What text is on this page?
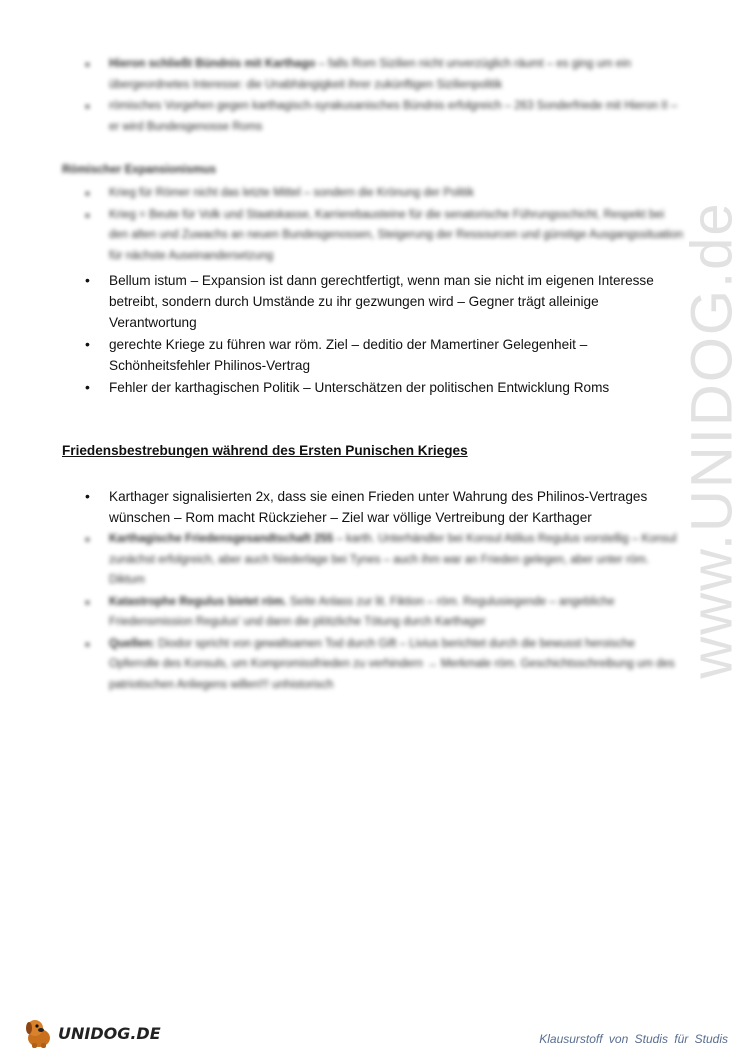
www.UNIDOG.de
• Hieron schließt Bündnis mit Karthago – falls Rom Sizilien nicht unverzüglich räumt – es ging um ein übergeordnetes Interesse: die Unabhängigkeit ihrer zukünftigen Sizilienpolitik
• römisches Vorgehen gegen karthagisch-syrakusanisches Bündnis erfolgreich – 263 Sonderfriede mit Hieron II – er wird Bundesgenosse Roms
Römischer Expansionismus
• Krieg für Römer nicht das letzte Mittel – sondern die Krönung der Politik
• Krieg = Beute für Volk und Staatskasse, Karrierebausteine für die senatorische Führungsschicht, Respekt bei den alten und Zuwachs an neuen Bundesgenossen, Steigerung der Ressourcen und günstige Ausgangssituation für nächste Auseinandersetzung
• Bellum istum – Expansion ist dann gerechtfertigt, wenn man sie nicht im eigenen Interesse betreibt, sondern durch Umstände zu ihr gezwungen wird – Gegner trägt alleinige Verantwortung
• gerechte Kriege zu führen war röm. Ziel – deditio der Mamertiner Gelegenheit – Schönheitsfehler Philinos-Vertrag
• Fehler der karthagischen Politik – Unterschätzen der politischen Entwicklung Roms
Friedensbestrebungen während des Ersten Punischen Krieges
• Karthager signalisierten 2x, dass sie einen Frieden unter Wahrung des Philinos-Vertrages wünschen – Rom macht Rückzieher – Ziel war völlige Vertreibung der Karthager
• Karthagische Friedensgesandtschaft 255 – karth. Unterhändler bei Konsul Atilius Regulus vorstellig – Konsul zunächst erfolgreich, aber auch Niederlage bei Tynes – auch ihm war an Frieden gelegen, aber unter röm. Diktum
• Katastrophe Regulus bietet röm. Seite Anlass zur lit. Fiktion – röm. Regulusiegende – angebliche Friedensmission Regulus' und dann die plötzliche Tötung durch Karthager
• Quellen: Diodor spricht von gewaltsamen Tod durch Gift – Livius berichtet durch die bewusst heroische Opferrolle des Konsuls, um Kompromissfrieden zu verhindern → Merkmale röm. Geschichtsschreibung um des patriotischen Anliegens willen!!! unhistorisch
UNIDOG.DE	Klausurstoff von Studis für Studis
